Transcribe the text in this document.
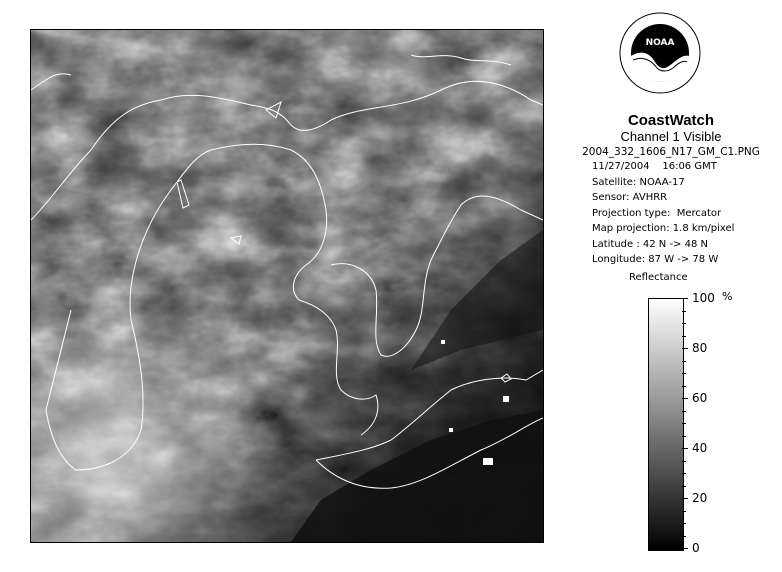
NOAA
CoastWatch
Channel 1 Visible
2004_332_1606_N17_GM_C1.PNG
11/27/2004    16:06 GMT
Satellite: NOAA-17
Sensor: AVHRR
Projection type:  Mercator
Map projection: 1.8 km/pixel
Latitude : 42 N -> 48 N
Longitude: 87 W -> 78 W
Reflectance
%
100
80
60
40
20
0
